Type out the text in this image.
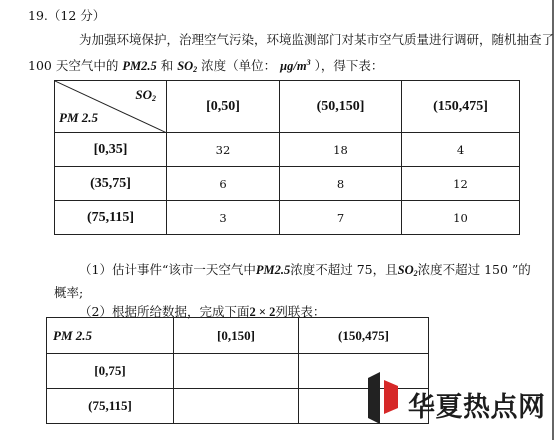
19.（12 分）
为加强环境保护，治理空气污染，环境监测部门对某市空气质量进行调研，随机抽查了
100 天空气中的 PM2.5 和 $SO_2$ 浓度（单位： $\mu g/m^3$ ），得下表：
$SO_2$
PM 2.5	[0,50]	(50,150]	(150,475]
[0,35]	32	18	4
(35,75]	6	8	12
(75,115]	3	7	10
（1）估计事件“该市一天空气中PM2.5浓度不超过 75，且$SO_2$浓度不超过 150 ”的
概率;
（2）根据所给数据，完成下面2 × 2列联表：
PM 2.5	[0,150]	(150,475]
[0,75]		
(75,115]			华夏热点网
